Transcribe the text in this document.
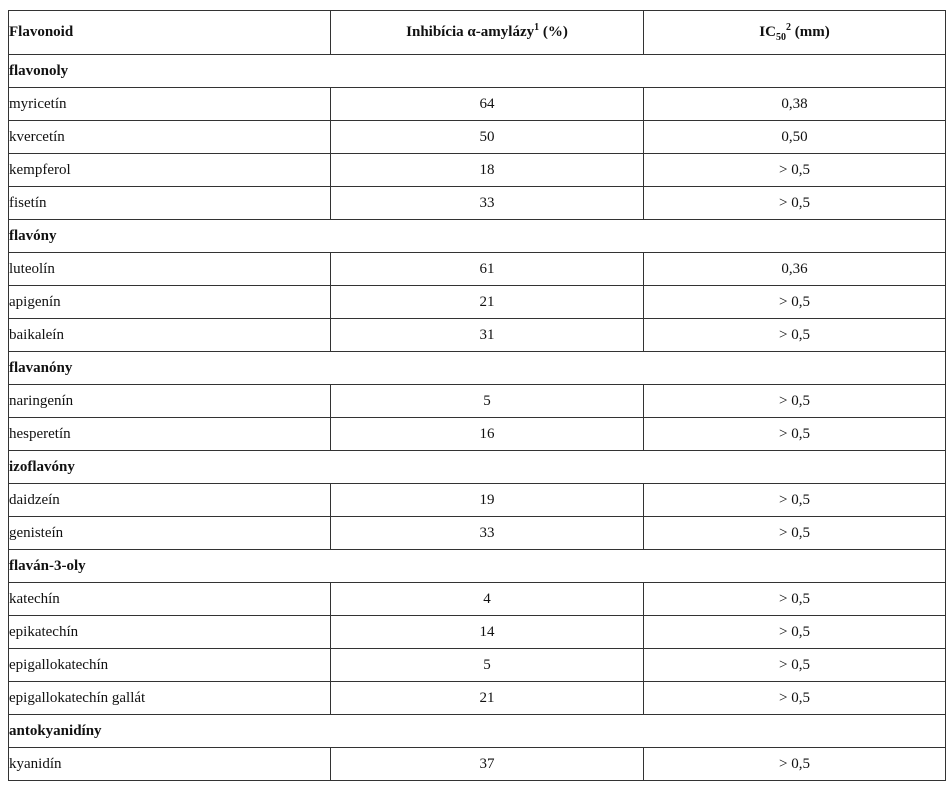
Flavonoid	Inhibícia α-amylázy$^1$ (%)	$IC_{50}^2$ (mm)
flavonoly		
myricetín	64	0,38
kvercetín	50	0,50
kempferol	18	> 0,5
fisetín	33	> 0,5
flavóny		
luteolín	61	0,36
apigenín	21	> 0,5
baikaleín	31	> 0,5
flavanóny		
naringenín	5	> 0,5
hesperetín	16	> 0,5
izoflavóny		
daidzeín	19	> 0,5
genisteín	33	> 0,5
flaván-3-oly		
katechín	4	> 0,5
epikatechín	14	> 0,5
epigallokatechín	5	> 0,5
epigallokatechín gallát	21	> 0,5
antokyanidíny		
kyanidín	37	> 0,5
